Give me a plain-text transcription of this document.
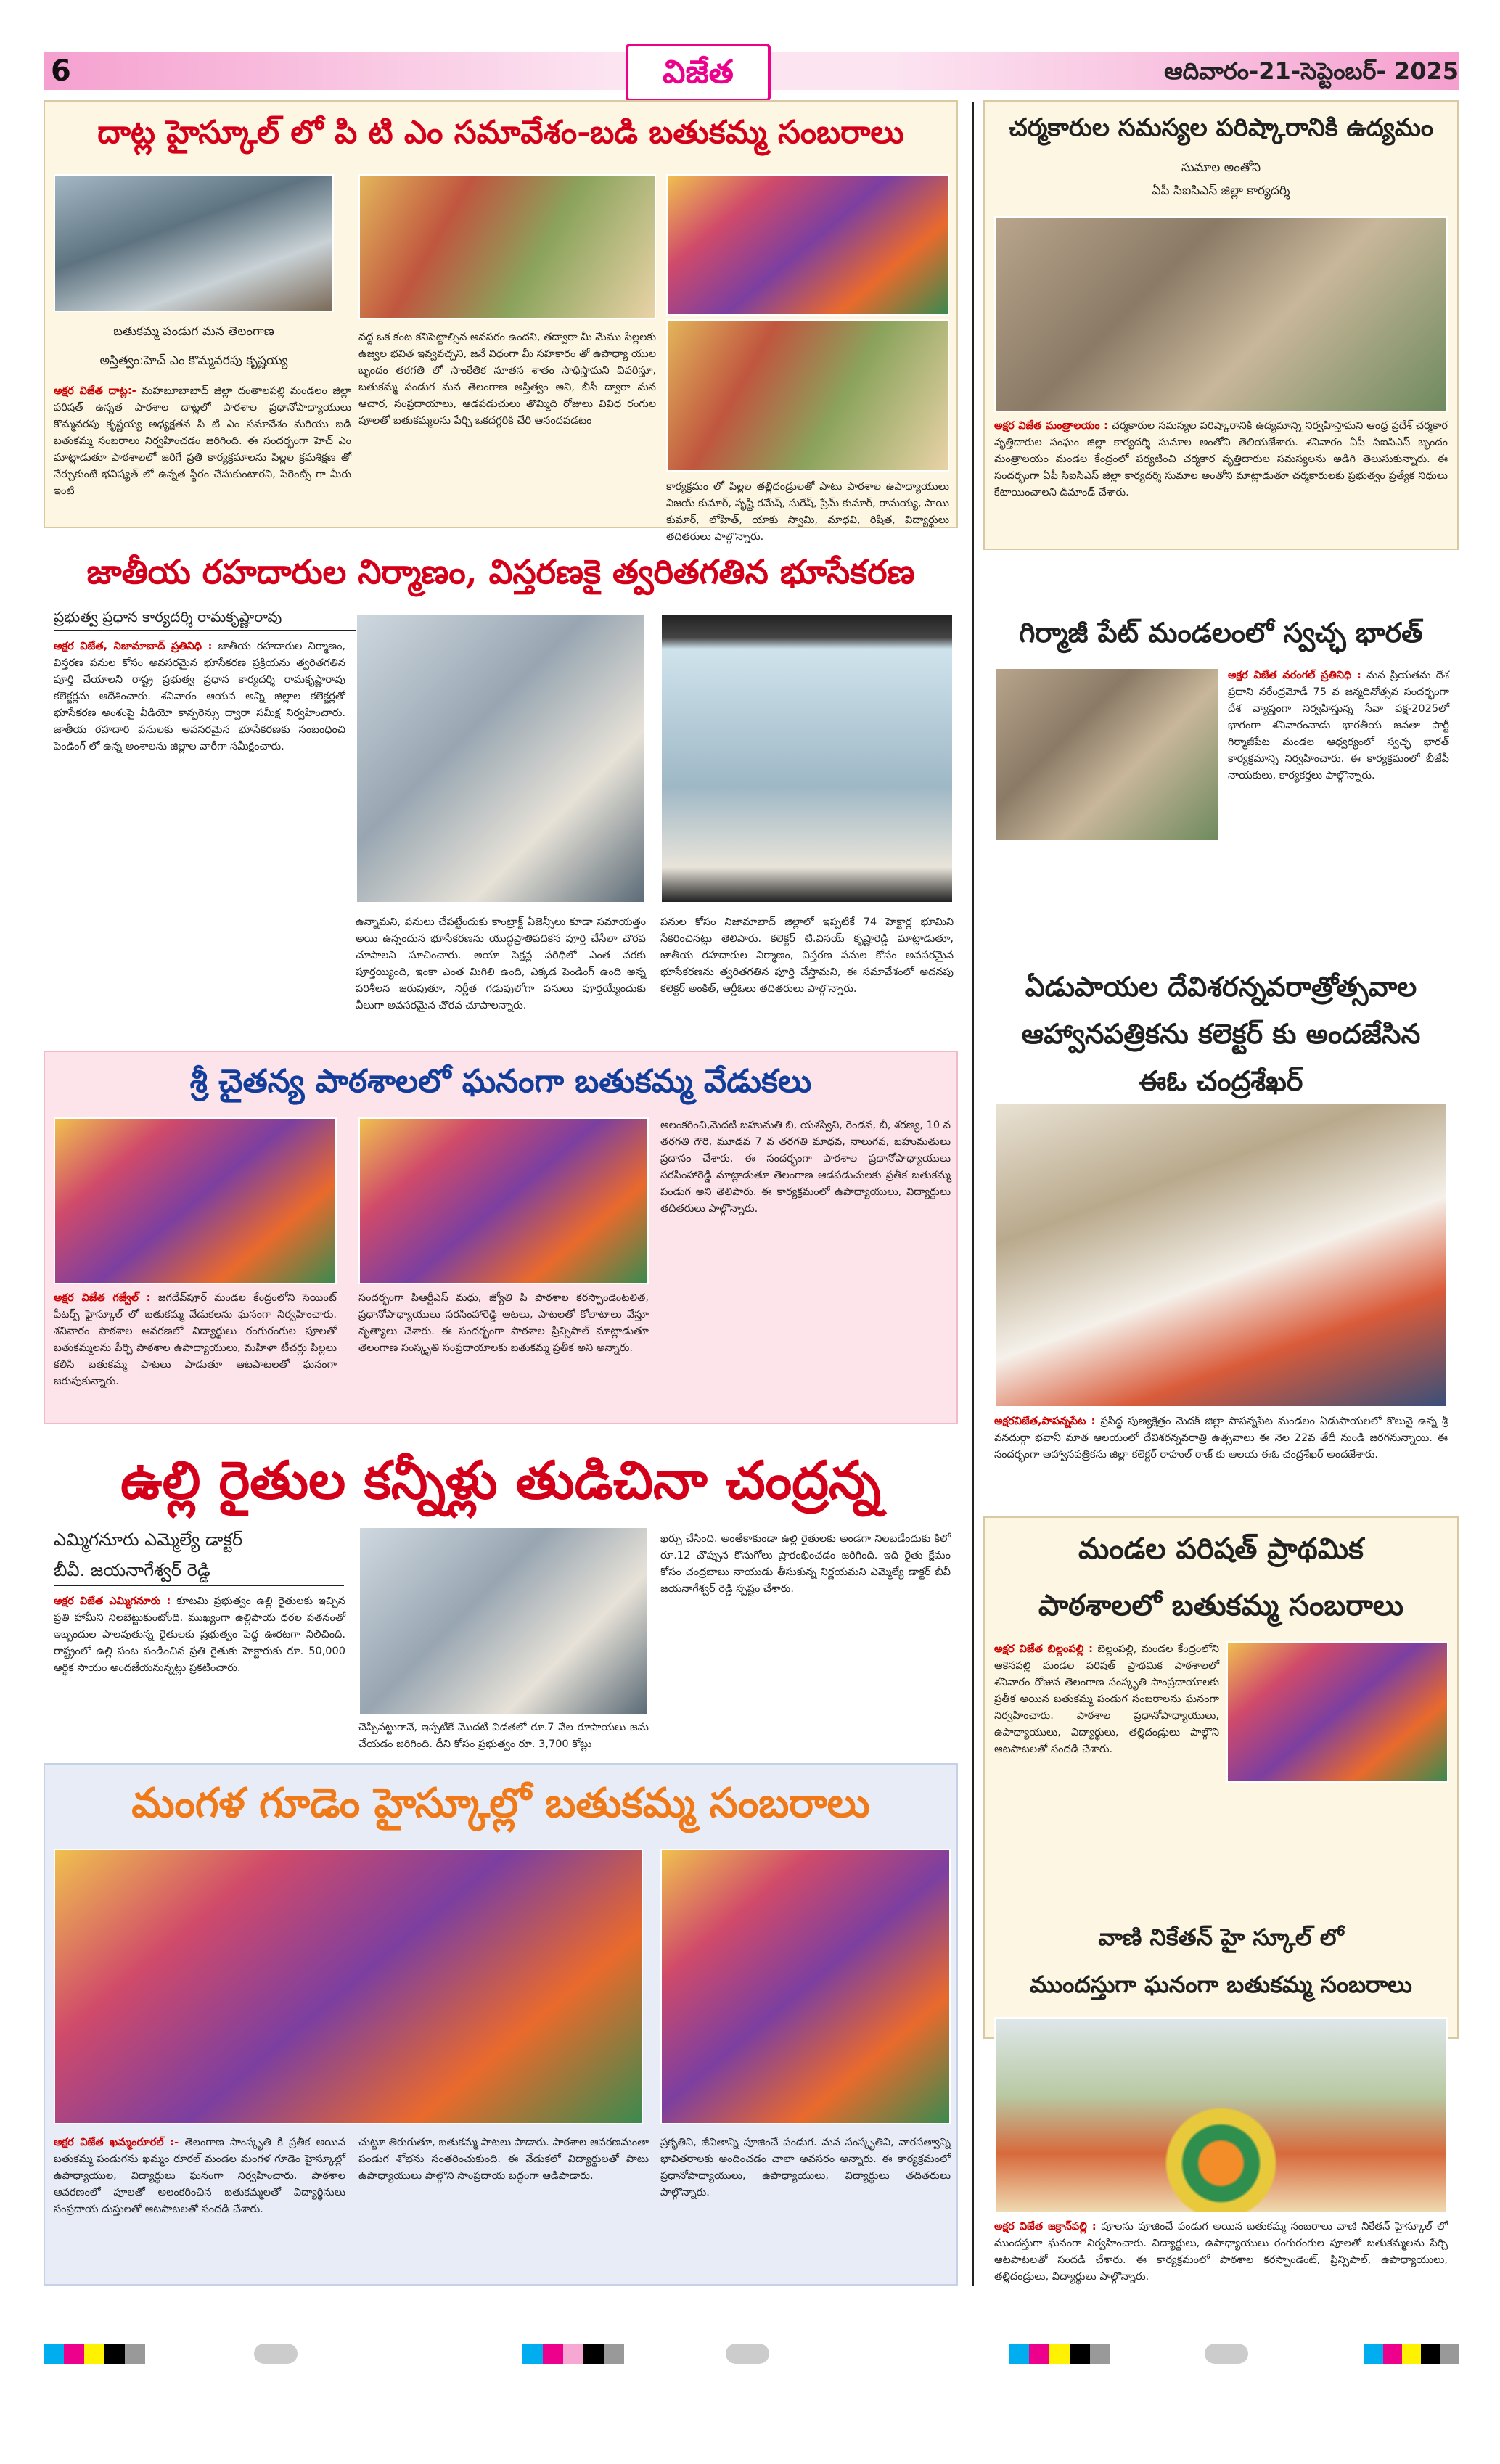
6	విజేత	ఆదివారం-21-సెప్టెంబర్- 2025
దాట్ల హైస్కూల్ లో పి టి ఎం సమావేశం-బడి బతుకమ్మ సంబరాలు
బతుకమ్మ పండుగ మన తెలంగాణ
అస్తిత్వం:హెచ్ ఎం కొమ్మవరపు కృష్ణయ్య
అక్షర విజేత దాట్ల:- మహబూబాబాద్ జిల్లా దంతాలపల్లి మండలం జిల్లా పరిషత్ ఉన్నత పాఠశాల దాట్లలో పాఠశాల ప్రధానోపాధ్యాయులు కొమ్మవరపు కృష్ణయ్య అధ్యక్షతన పి టి ఎం సమావేశం మరియు బడి బతుకమ్మ సంబరాలు నిర్వహించడం జరిగింది. ఈ సందర్భంగా హెచ్ ఎం మాట్లాడుతూ పాఠశాలలో జరిగే ప్రతి కార్యక్రమాలను పిల్లల క్రమశిక్షణ తో నేర్చుకుంటే భవిష్యత్ లో ఉన్నత స్థిరం చేసుకుంటారని, పేరెంట్స్ గా మీరు ఇంటి
వద్ద ఒక కంట కనిపెట్టాల్సిన అవసరం ఉందని, తద్వారా మీ మేము పిల్లలకు ఉజ్వల భవిత ఇవ్వవచ్చని, జనే విధంగా మీ సహకారం తో ఉపాధ్యా యుల బృందం తరగతి లో సాంకేతిక నూతన శాతం సాధిస్తామని వివరిస్తూ, బతుకమ్మ పండుగ మన తెలంగాణ అస్తిత్వం అని, బీసీ ద్వారా మన ఆచార, సంప్రదాయాలు, ఆడపడుచులు తొమ్మిది రోజులు వివిధ రంగుల పూలతో బతుకమ్మలను పేర్చి ఒకదగ్గరికి చేరి ఆనందపడటం
కార్యక్రమం లో పిల్లల తల్లిదండ్రులతో పాటు పాఠశాల ఉపాధ్యాయులు విజయ్ కుమార్, సృష్టి రమేష్, సురేష్, ప్రేమ్ కుమార్, రామయ్య, సాయి కుమార్, లోహిత్, యాకు స్వామి, మాధవి, రిషిత, విద్యార్థులు తదితరులు పాల్గొన్నారు.
జాతీయ రహదారుల నిర్మాణం, విస్తరణకై త్వరితగతిన భూసేకరణ
ప్రభుత్వ ప్రధాన కార్యదర్శి రామకృష్ణారావు
అక్షర విజేత, నిజామాబాద్ ప్రతినిధి : జాతీయ రహదారుల నిర్మాణం, విస్తరణ పనుల కోసం అవసరమైన భూసేకరణ ప్రక్రియను త్వరితగతిన పూర్తి చేయాలని రాష్ట్ర ప్రభుత్వ ప్రధాన కార్యదర్శి రామకృష్ణారావు కలెక్టర్లను ఆదేశించారు. శనివారం ఆయన అన్ని జిల్లాల కలెక్టర్లతో భూసేకరణ అంశంపై వీడియో కాన్ఫరెన్సు ద్వారా సమీక్ష నిర్వహించారు. జాతీయ రహదారి పనులకు అవసరమైన భూసేకరణకు సంబంధించి పెండింగ్ లో ఉన్న అంశాలను జిల్లాల వారీగా సమీక్షించారు.
ఉన్నామని, పనులు చేపట్టేందుకు కాంట్రాక్ట్ ఏజెన్సీలు కూడా సమాయత్తం అయి ఉన్నందున భూసేకరణను యుద్ధప్రాతిపదికన పూర్తి చేసేలా చొరవ చూపాలని సూచించారు. అయా సెక్షన్ల పరిధిలో ఎంత వరకు పూర్తయ్యింది, ఇంకా ఎంత మిగిలి ఉంది, ఎక్కడ పెండింగ్ ఉంది అన్న పరిశీలన జరుపుతూ, నిర్ణీత గడువులోగా పనులు పూర్తయ్యేందుకు వీలుగా అవసరమైన చొరవ చూపాలన్నారు.
పనుల కోసం నిజామాబాద్ జిల్లాలో ఇప్పటికే 74 హెక్టార్ల భూమిని సేకరించినట్లు తెలిపారు. కలెక్టర్ టి.వినయ్ కృష్ణారెడ్డి మాట్లాడుతూ, జాతీయ రహదారుల నిర్మాణం, విస్తరణ పనుల కోసం అవసరమైన భూసేకరణను త్వరితగతిన పూర్తి చేస్తామని, ఈ సమావేశంలో అదనపు కలెక్టర్ అంకిత్, ఆర్డీఓలు తదితరులు పాల్గొన్నారు.
శ్రీ చైతన్య పాఠశాలలో ఘనంగా బతుకమ్మ వేడుకలు
అక్షర విజేత గజ్వేల్ : జగదేవ్‌పూర్ మండల కేంద్రంలోని సెయింట్ పీటర్స్ హైస్కూల్ లో బతుకమ్మ వేడుకలను ఘనంగా నిర్వహించారు. శనివారం పాఠశాల ఆవరణలో విద్యార్థులు రంగురంగుల పూలతో బతుకమ్మలను పేర్చి పాఠశాల ఉపాధ్యాయులు, మహిళా టీచర్లు పిల్లలు కలిసి బతుకమ్మ పాటలు పాడుతూ ఆటపాటలతో ఘనంగా జరుపుకున్నారు.
సందర్భంగా పిఆర్టీఎస్ మధు, జ్యోతి పి పాఠశాల కరస్పాండెంటలిత, ప్రధానోపాధ్యాయులు సరసింహారెడ్డి ఆటలు, పాటలతో కోలాటాలు వేస్తూ నృత్యాలు చేశారు. ఈ సందర్భంగా పాఠశాల ప్రిన్సిపాల్ మాట్లాడుతూ తెలంగాణ సంస్కృతి సంప్రదాయాలకు బతుకమ్మ ప్రతీక అని అన్నారు.
అలంకరించి,మెదటి బహుమతి బి, యశస్విని, రెండవ, బీ, శరణ్య, 10 వ తరగతి గౌరి, మూడవ 7 వ తరగతి మాధవ, నాలుగవ, బహుమతులు ప్రదానం చేశారు. ఈ సందర్భంగా పాఠశాల ప్రధానోపాధ్యాయులు సరసింహారెడ్డి మాట్లాడుతూ తెలంగాణ ఆడపడుచులకు ప్రతీక బతుకమ్మ పండుగ అని తెలిపారు. ఈ కార్యక్రమంలో ఉపాధ్యాయులు, విద్యార్థులు తదితరులు పాల్గొన్నారు.
ఉల్లి రైతుల కన్నీళ్లు తుడిచినా చంద్రన్న
ఎమ్మిగనూరు ఎమ్మెల్యే డాక్టర్
బీవీ. జయనాగేశ్వర్ రెడ్డి
అక్షర విజేత ఎమ్మిగనూరు : కూటమి ప్రభుత్వం ఉల్లి రైతులకు ఇచ్చిన ప్రతి హామీని నిలబెట్టుకుంటోంది. ముఖ్యంగా ఉల్లిపాయ ధరల పతనంతో ఇబ్బందుల పాలవుతున్న రైతులకు ప్రభుత్వం పెద్ద ఊరటగా నిలిచింది. రాష్ట్రంలో ఉల్లి పంట పండించిన ప్రతి రైతుకు హెక్టారుకు రూ. 50,000 ఆర్థిక సాయం అందజేయనున్నట్లు ప్రకటించారు.
చెప్పినట్టుగానే, ఇప్పటికే మొదటి విడతలో రూ.7 వేల రూపాయలు జమ చేయడం జరిగింది. దీని కోసం ప్రభుత్వం రూ. 3,700 కోట్లు
ఖర్చు చేసింది. అంతేకాకుండా ఉల్లి రైతులకు అండగా నిలబడేందుకు కిలో రూ.12 చొప్పున కొనుగోలు ప్రారంభించడం జరిగింది. ఇది రైతు క్షేమం కోసం చంద్రబాబు నాయుడు తీసుకున్న నిర్ణయమని ఎమ్మెల్యే డాక్టర్ బీవీ జయనాగేశ్వర్ రెడ్డి స్పష్టం చేశారు.
మంగళ గూడెం హైస్కూల్లో బతుకమ్మ సంబరాలు
అక్షర విజేత ఖమ్మంరూరల్ :- తెలంగాణ సాంస్కృతి కి ప్రతీక అయిన బతుకమ్మ పండుగను ఖమ్మం రూరల్ మండల మంగళ గూడెం హైస్కూల్లో ఉపాధ్యాయుల, విద్యార్థులు ఘనంగా నిర్వహించారు. పాఠశాల ఆవరణంలో పూలతో అలంకరించిన బతుకమ్మలతో విద్యార్థినులు సంప్రదాయ దుస్తులతో ఆటపాటలతో సందడి చేశారు.
చుట్టూ తిరుగుతూ, బతుకమ్మ పాటలు పాడారు. పాఠశాల ఆవరణమంతా పండుగ శోభను సంతరించుకుంది. ఈ వేడుకలో విద్యార్థులతో పాటు ఉపాధ్యాయులు పాల్గొని సాంప్రదాయ బద్ధంగా ఆడిపాడారు.
ప్రకృతిని, జీవితాన్ని పూజించే పండుగ. మన సంస్కృతిని, వారసత్వాన్ని భావితరాలకు అందించడం చాలా అవసరం అన్నారు. ఈ కార్యక్రమంలో ప్రధానోపాధ్యాయులు, ఉపాధ్యాయులు, విద్యార్థులు తదితరులు పాల్గొన్నారు.
చర్మకారుల సమస్యల పరిష్కారానికి ఉద్యమం
సుమాల అంతోని
ఏపీ సిఐసిఎస్ జిల్లా కార్యదర్శి
అక్షర విజేత మంత్రాలయం : చర్మకారుల సమస్యల పరిష్కారానికి ఉద్యమాన్ని నిర్వహిస్తామని ఆంధ్ర ప్రదేశ్ చర్మకార వృత్తిదారుల సంఘం జిల్లా కార్యదర్శి సుమాల అంతోని తెలియజేశారు. శనివారం ఏపీ సిఐసిఎస్ బృందం మంత్రాలయం మండల కేంద్రంలో పర్యటించి చర్మకార వృత్తిదారుల సమస్యలను అడిగి తెలుసుకున్నారు. ఈ సందర్భంగా ఏపీ సిఐసిఎస్ జిల్లా కార్యదర్శి సుమాల అంతోని మాట్లాడుతూ చర్మకారులకు ప్రభుత్వం ప్రత్యేక నిధులు కేటాయించాలని డిమాండ్ చేశారు.
గిర్మాజీ పేట్ మండలంలో స్వచ్ఛ భారత్
అక్షర విజేత వరంగల్ ప్రతినిధి : మన ప్రియతమ దేశ ప్రధాని నరేంద్రమోడీ 75 వ జన్మదినోత్సవ సందర్భంగా దేశ వ్యాప్తంగా నిర్వహిస్తున్న సేవా పక్ష-2025లో భాగంగా శనివారంనాడు భారతీయ జనతా పార్టీ గిర్మాజీపేట మండల ఆధ్వర్యంలో స్వచ్ఛ భారత్ కార్యక్రమాన్ని నిర్వహించారు. ఈ కార్యక్రమంలో బీజేపీ నాయకులు, కార్యకర్తలు పాల్గొన్నారు.
ఏడుపాయల దేవిశరన్నవరాత్రోత్సవాల
ఆహ్వానపత్రికను కలెక్టర్ కు అందజేసిన
ఈఓ చంద్రశేఖర్
అక్షరవిజేత,పాపన్నపేట : ప్రసిద్ధ పుణ్యక్షేత్రం మెదక్ జిల్లా పాపన్నపేట మండలం ఏడుపాయలలో కొలువై ఉన్న శ్రీ వనదుర్గా భవానీ మాత ఆలయంలో దేవిశరన్నవరాత్రి ఉత్సవాలు ఈ నెల 22వ తేదీ నుండి జరగనున్నాయి. ఈ సందర్భంగా ఆహ్వానపత్రికను జిల్లా కలెక్టర్ రాహుల్ రాజ్ కు ఆలయ ఈఓ చంద్రశేఖర్ అందజేశారు.
మండల పరిషత్ ప్రాథమిక
పాఠశాలలో బతుకమ్మ సంబరాలు
అక్షర విజేత బిల్లంపల్లి : బెల్లంపల్లి, మండల కేంద్రంలోని ఆకెనపల్లి మండల పరిషత్ ప్రాథమిక పాఠశాలలో శనివారం రోజున తెలంగాణ సంస్కృతి సాంప్రదాయాలకు ప్రతీక అయిన బతుకమ్మ పండుగ సంబరాలను ఘనంగా నిర్వహించారు. పాఠశాల ప్రధానోపాధ్యాయులు, ఉపాధ్యాయులు, విద్యార్థులు, తల్లిదండ్రులు పాల్గొని ఆటపాటలతో సందడి చేశారు.
వాణి నికేతన్ హై స్కూల్ లో
ముందస్తుగా ఘనంగా బతుకమ్మ సంబరాలు
అక్షర విజేత జక్రాన్‌పల్లి : పూలను పూజించే పండుగ అయిన బతుకమ్మ సంబరాలు వాణి నికేతన్ హైస్కూల్ లో ముందస్తుగా ఘనంగా నిర్వహించారు. విద్యార్థులు, ఉపాధ్యాయులు రంగురంగుల పూలతో బతుకమ్మలను పేర్చి ఆటపాటలతో సందడి చేశారు. ఈ కార్యక్రమంలో పాఠశాల కరస్పాండెంట్, ప్రిన్సిపాల్, ఉపాధ్యాయులు, తల్లిదండ్రులు, విద్యార్థులు పాల్గొన్నారు.
